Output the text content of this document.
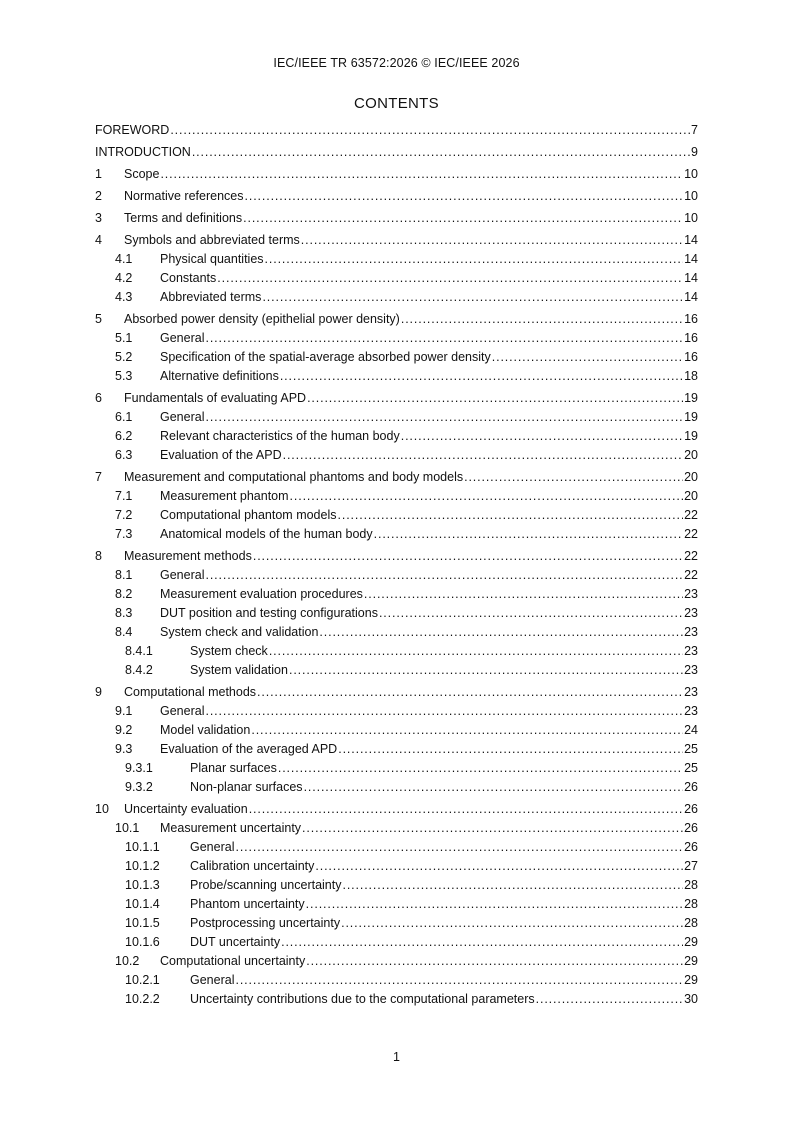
IEC/IEEE TR 63572:2026 © IEC/IEEE 2026
CONTENTS
FOREWORD . . .	7
INTRODUCTION . . .	9
1	Scope . . .	10
2	Normative references . . .	10
3	Terms and definitions . . .	10
4	Symbols and abbreviated terms . . .	14
4.1	Physical quantities . . .	14
4.2	Constants . . .	14
4.3	Abbreviated terms . . .	14
5	Absorbed power density (epithelial power density) . . .	16
5.1	General . . .	16
5.2	Specification of the spatial-average absorbed power density . . .	16
5.3	Alternative definitions . . .	18
6	Fundamentals of evaluating APD . . .	19
6.1	General . . .	19
6.2	Relevant characteristics of the human body . . .	19
6.3	Evaluation of the APD . . .	20
7	Measurement and computational phantoms and body models . . .	20
7.1	Measurement phantom . . .	20
7.2	Computational phantom models . . .	22
7.3	Anatomical models of the human body . . .	22
8	Measurement methods . . .	22
8.1	General . . .	22
8.2	Measurement evaluation procedures . . .	23
8.3	DUT position and testing configurations . . .	23
8.4	System check and validation . . .	23
8.4.1	System check . . .	23
8.4.2	System validation . . .	23
9	Computational methods . . .	23
9.1	General . . .	23
9.2	Model validation . . .	24
9.3	Evaluation of the averaged APD . . .	25
9.3.1	Planar surfaces . . .	25
9.3.2	Non-planar surfaces . . .	26
10	Uncertainty evaluation . . .	26
10.1	Measurement uncertainty . . .	26
10.1.1	General . . .	26
10.1.2	Calibration uncertainty . . .	27
10.1.3	Probe/scanning uncertainty . . .	28
10.1.4	Phantom uncertainty . . .	28
10.1.5	Postprocessing uncertainty . . .	28
10.1.6	DUT uncertainty . . .	29
10.2	Computational uncertainty . . .	29
10.2.1	General . . .	29
10.2.2	Uncertainty contributions due to the computational parameters . . .	30
1
